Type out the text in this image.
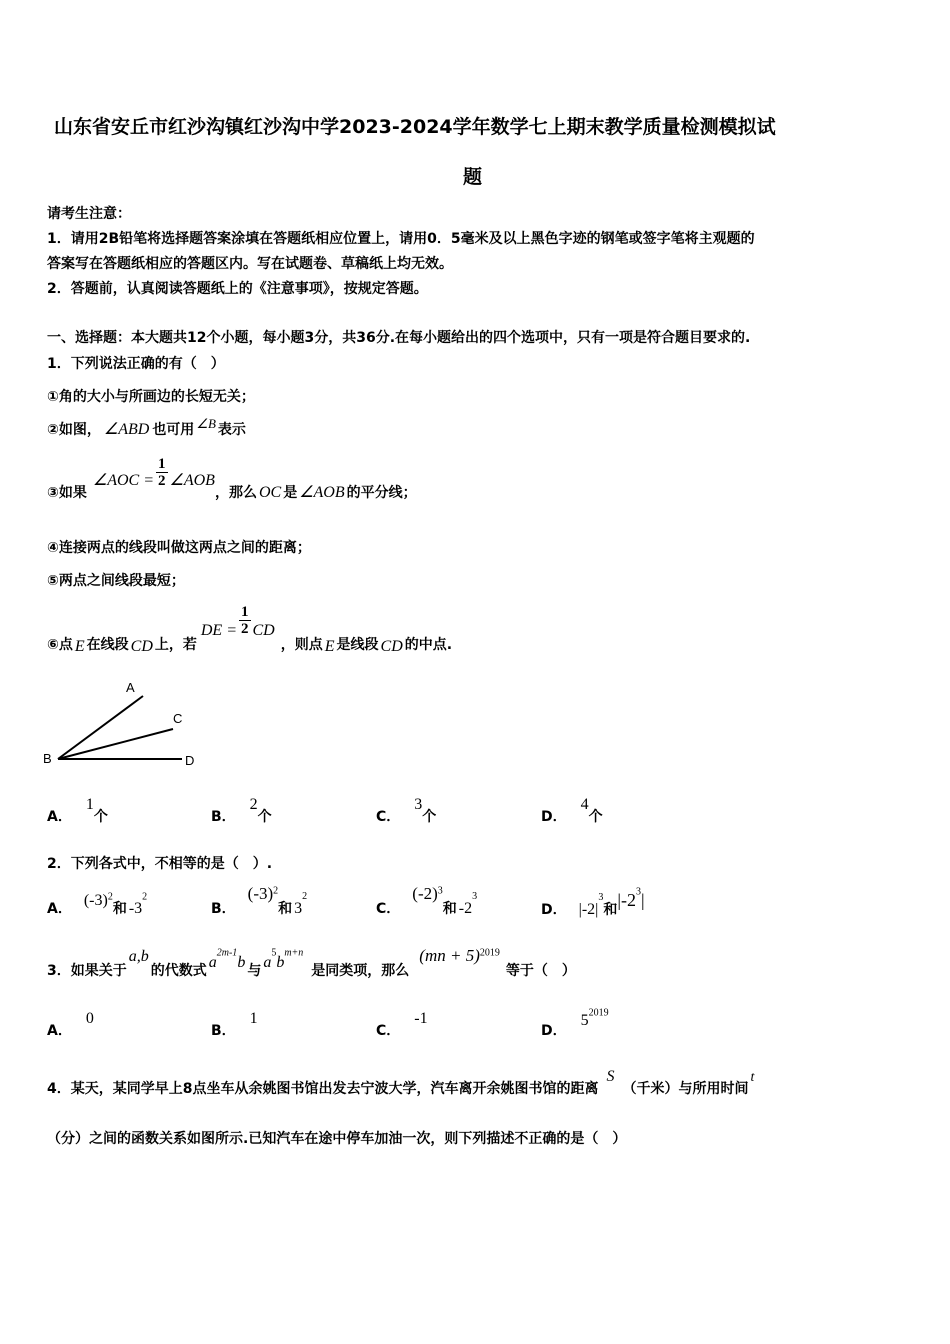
山东省安丘市红沙沟镇红沙沟中学2023-2024学年数学七上期末教学质量检测模拟试
题
请考生注意：
1．请用2B铅笔将选择题答案涂填在答题纸相应位置上，请用0．5毫米及以上黑色字迹的钢笔或签字笔将主观题的
答案写在答题纸相应的答题区内。写在试题卷、草稿纸上均无效。
2．答题前，认真阅读答题纸上的《注意事项》，按规定答题。
一、选择题：本大题共12个小题，每小题3分，共36分.在每小题给出的四个选项中，只有一项是符合题目要求的.
1．下列说法正确的有（　）
①角的大小与所画边的长短无关；
②如图， ∠ABD 也可用 ∠B 表示
③如果∠AOC = $\frac{1}{2}$ ∠AOB，那么 OC 是 ∠AOB 的平分线；
④连接两点的线段叫做这两点之间的距离；
⑤两点之间线段最短；
⑥点 E 在线段 CD 上，若DE = $\frac{1}{2}$ CD，则点 E 是线段 CD 的中点.
A
B
C
D
A．1个	B．2个	C．3个	D．4个
2．下列各式中，不相等的是（　）.
A． $(-3)^2$和 $-3^2$
B．$(-3)^2$和 $3^2$
C．$(-2)^3$和 $-2^3$
D． $|-2|^3$和$|-2^3|$
3．如果关于a,b的代数式 $a^{2m-1}b$ 与 $a^5b^{m+n}$是同类项，那么(mn + 5)$^{2019}$等于（　）
A．0
B．1
C．-1
D．$5^{2019}$
4．某天，某同学早上8点坐车从余姚图书馆出发去宁波大学，汽车离开余姚图书馆的距离S（千米）与所用时间t
（分）之间的函数关系如图所示.已知汽车在途中停车加油一次，则下列描述不正确的是（　）
